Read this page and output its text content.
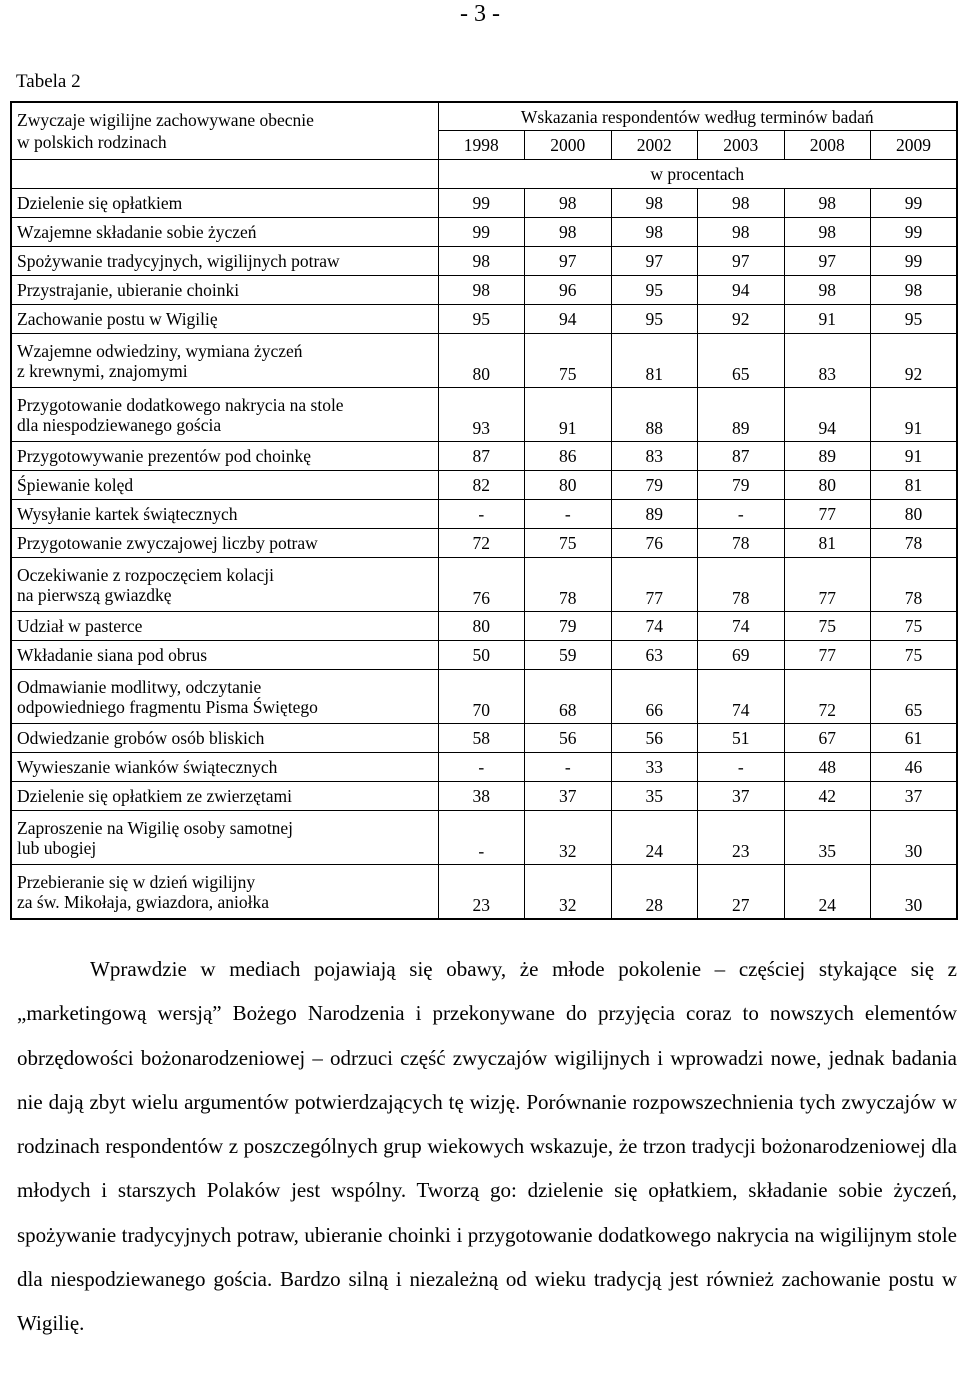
- 3 -
Tabela 2
Zwyczaje wigilijne zachowywane obecnie
w polskich rodzinach	Wskazania respondentów według terminów badań					
	1998	2000	2002	2003	2008	2009
	w procentach					

Dzielenie się opłatkiem	99	98	98	98	98	99

Wzajemne składanie sobie życzeń	99	98	98	98	98	99

Spożywanie tradycyjnych, wigilijnych potraw	98	97	97	97	97	99

Przystrajanie, ubieranie choinki	98	96	95	94	98	98

Zachowanie postu w Wigilię	95	94	95	92	91	95

Wzajemne odwiedziny, wymiana życzeń
z krewnymi, znajomymi	80	75	81	65	83	92

Przygotowanie dodatkowego nakrycia na stole
dla niespodziewanego gościa	93	91	88	89	94	91

Przygotowywanie prezentów pod choinkę	87	86	83	87	89	91

Śpiewanie kolęd	82	80	79	79	80	81

Wysyłanie kartek świątecznych	-	-	89	-	77	80

Przygotowanie zwyczajowej liczby potraw	72	75	76	78	81	78

Oczekiwanie z rozpoczęciem kolacji
na pierwszą gwiazdkę	76	78	77	78	77	78

Udział w pasterce	80	79	74	74	75	75

Wkładanie siana pod obrus	50	59	63	69	77	75

Odmawianie modlitwy, odczytanie
odpowiedniego fragmentu Pisma Świętego	70	68	66	74	72	65

Odwiedzanie grobów osób bliskich	58	56	56	51	67	61

Wywieszanie wianków świątecznych	-	-	33	-	48	46

Dzielenie się opłatkiem ze zwierzętami	38	37	35	37	42	37

Zaproszenie na Wigilię osoby samotnej
lub ubogiej	-	32	24	23	35	30

Przebieranie się w dzień wigilijny
za św. Mikołaja, gwiazdora, aniołka	23	32	28	27	24	30

Wprawdzie w mediach pojawiają się obawy, że młode pokolenie – częściej stykające się z „marketingową wersją” Bożego Narodzenia i przekonywane do przyjęcia coraz to nowszych elementów obrzędowości bożonarodzeniowej – odrzuci część zwyczajów wigilijnych i wprowadzi nowe, jednak badania nie dają zbyt wielu argumentów potwierdzających tę wizję. Porównanie rozpowszechnienia tych zwyczajów w rodzinach respondentów z poszczególnych grup wiekowych wskazuje, że trzon tradycji bożonarodzeniowej dla młodych i starszych Polaków jest wspólny. Tworzą go: dzielenie się opłatkiem, składanie sobie życzeń, spożywanie tradycyjnych potraw, ubieranie choinki i przygotowanie dodatkowego nakrycia na wigilijnym stole dla niespodziewanego gościa. Bardzo silną i niezależną od wieku tradycją jest również zachowanie postu w Wigilię.
